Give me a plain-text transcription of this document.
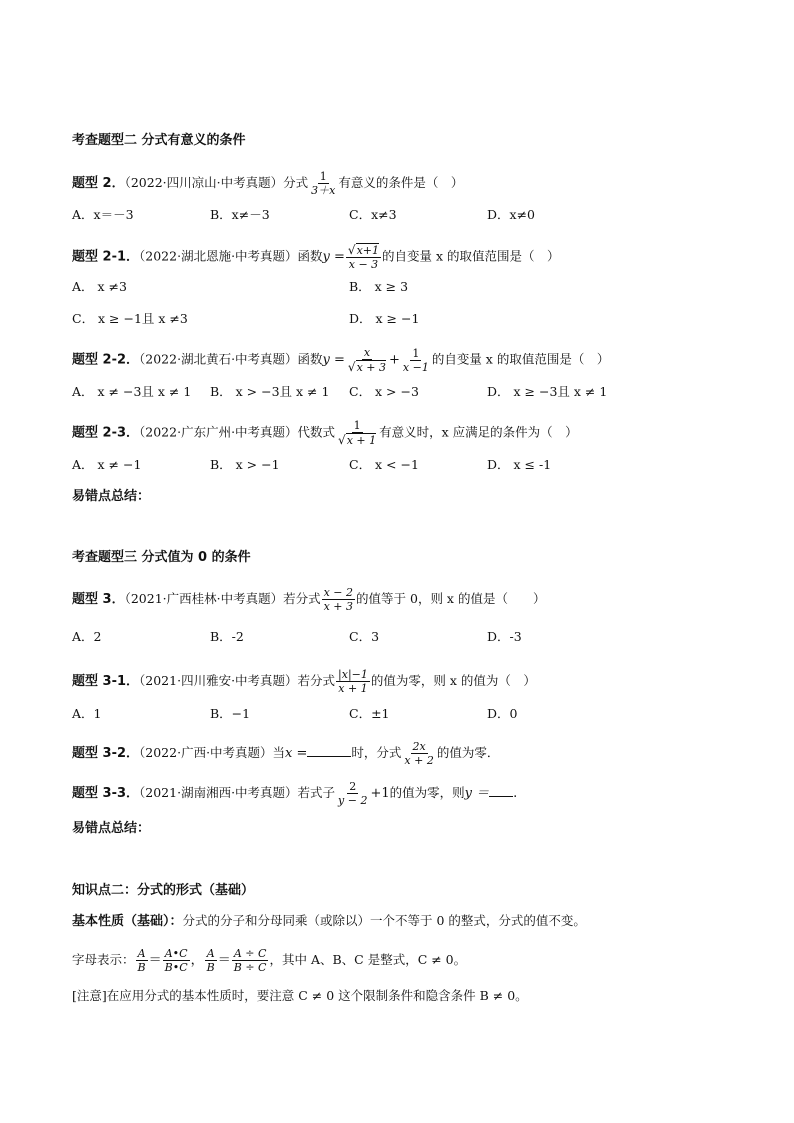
考查题型二 分式有意义的条件
题型 2．（2022·四川凉山·中考真题）分式 $\frac{1}{3+x}$ 有意义的条件是（　）
A．x＝－3	B．x≠－3	C．x≠3	D．x≠0
题型 2-1．（2022·湖北恩施·中考真题）函数$y = \frac{√x+1}{x - 3}$ 的自变量 x 的取值范围是（　）
A． x ≠3	B． x ≥ 3
C． x ≥ −1且 x ≠3	D． x ≥ −1
题型 2-2．（2022·湖北黄石·中考真题）函数$y = \frac{x}{√x + 3} + \frac{1}{x -1}$ 的自变量 x 的取值范围是（　）
A． x ≠ −3且 x ≠ 1 B． x > −3且 x ≠ 1 C． x > −3	D． x ≥ −3且 x ≠ 1
题型 2-3．（2022·广东广州·中考真题）代数式 $\frac{1}{√x + 1}$ 有意义时，x 应满足的条件为（　）
A． x ≠ −1	B． x > −1	C． x < −1	D． x ≤ -1
易错点总结：
考查题型三 分式值为 0 的条件
题型 3．（2021·广西桂林·中考真题）若分式 $\frac{x - 2}{x + 3}$ 的值等于 0，则 x 的值是（　　）
A．2	B．-2	C．3	D．-3
题型 3-1．（2021·四川雅安·中考真题）若分式 $\frac{|x|-1}{x + 1}$ 的值为零，则 x 的值为（　）
A．1	B．−1	C．±1	D．0
题型 3-2．（2022·广西·中考真题）当x =	时，分式 $\frac{2x}{x + 2}$ 的值为零．
题型 3-3．（2021·湖南湘西·中考真题）若式子 $\frac{2}{y - 2} +1$的值为零，则y ＝ .
易错点总结：
知识点二：分式的形式（基础）
基本性质（基础）：分式的分子和分母同乘（或除以）一个不等于 0 的整式，分式的值不变。
字母表示： $\frac{A}{B} = \frac{A•C}{B•C}$ ， $\frac{A}{B} = \frac{A \div C}{B \div C}$ ，其中 A、B、C 是整式，C ≠ 0。
[注意]在应用分式的基本性质时，要注意 C ≠ 0 这个限制条件和隐含条件 B ≠ 0。
